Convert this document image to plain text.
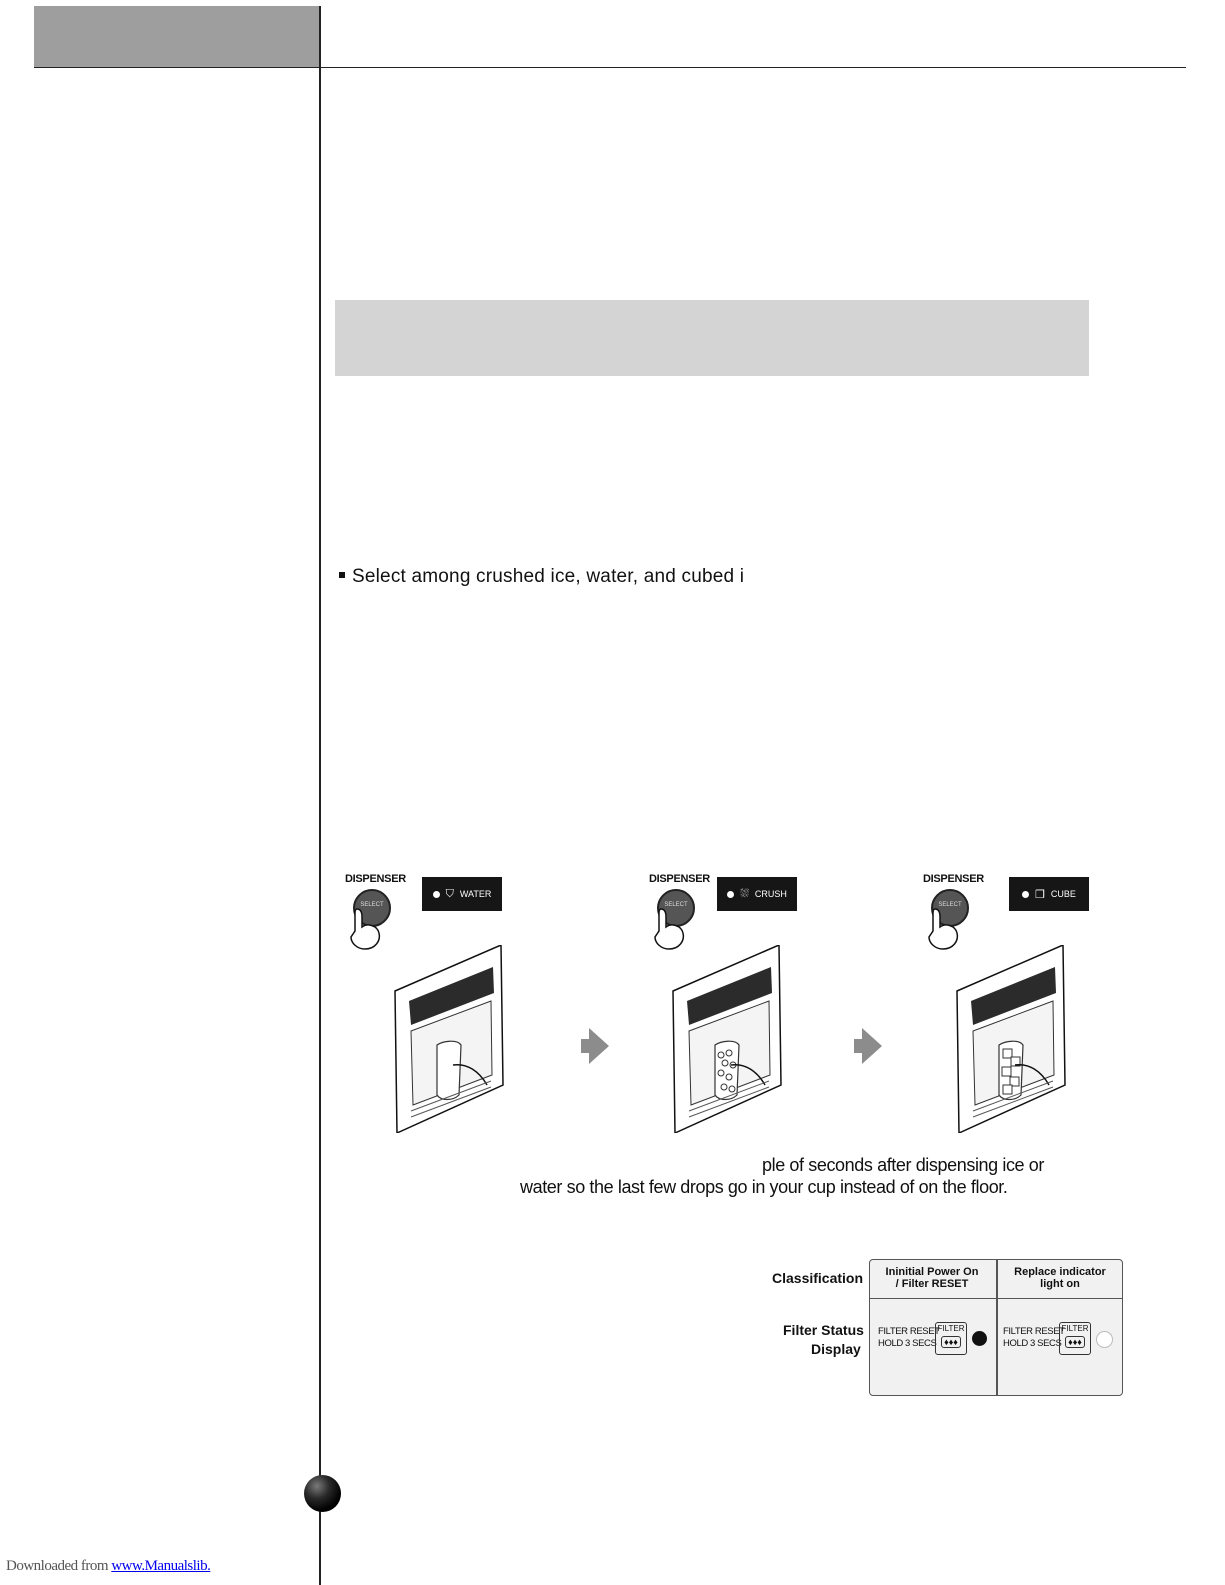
Select among crushed ice, water, and cubed i
DISPENSER
SELECT
⛉ WATER
DISPENSER
SELECT
⛆ CRUSH
DISPENSER
SELECT
❒ CUBE
ple of seconds after dispensing ice or
water so the last few drops go in your cup instead of on the floor.
Classification
Filter Status
Display
Ininitial Power On
/ Filter RESET
Replace indicator
light on
FILTER RESET
HOLD 3 SECS
FILTER
♦♦♦
FILTER RESET
HOLD 3 SECS
FILTER
♦♦♦
Downloaded from www.Manualslib.
